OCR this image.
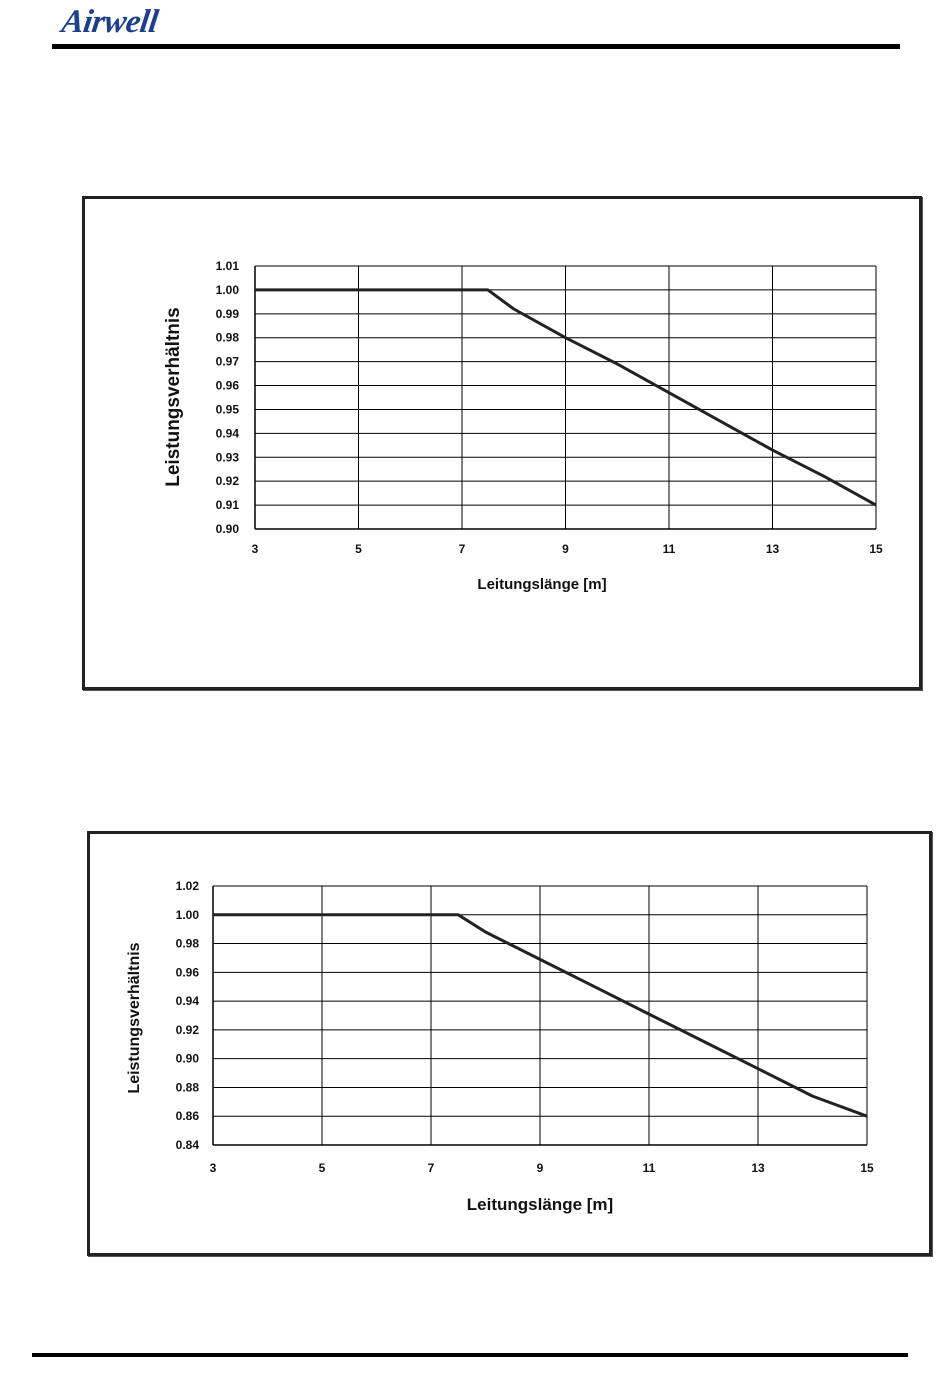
Airwell
0.90
0.91
0.92
0.93
0.94
0.95
0.96
0.97
0.98
0.99
1.00
1.01
3	5	7	9	11	13	15
Leitungslänge [m]
Leistungsverhältnis
0.84
0.86
0.88
0.90
0.92
0.94
0.96
0.98
1.00
1.02
3	5	7	9	11	13	15
Leitungslänge [m]
Leistungsverhältnis
